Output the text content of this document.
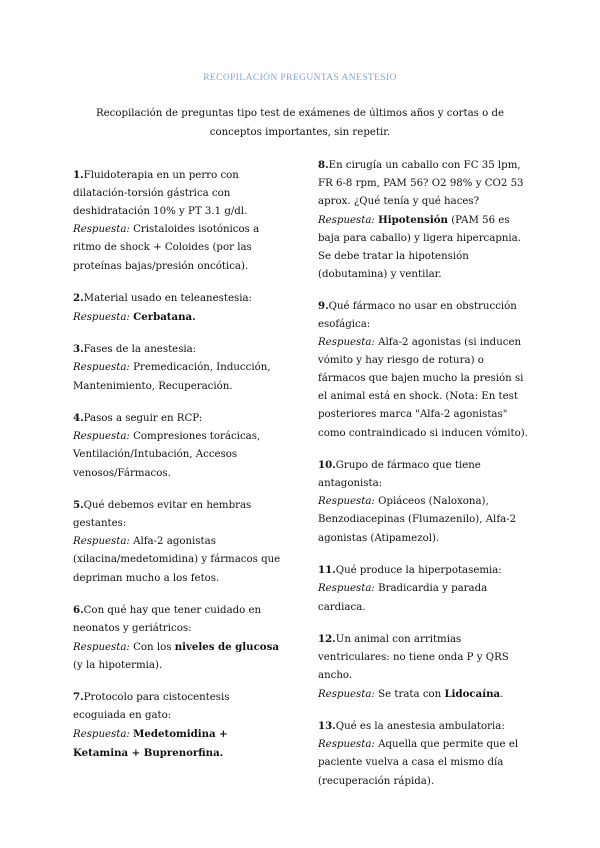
RECOPILACIÓN PREGUNTAS ANESTESIO
Recopilación de preguntas tipo test de exámenes de últimos años y cortas o de conceptos importantes, sin repetir.
1.Fluidoterapia en un perro con dilatación-torsión gástrica con deshidratación 10% y PT 3.1 g/dl.
Respuesta: Cristaloides isotónicos a ritmo de shock + Coloides (por las proteínas bajas/presión oncótica).
2.Material usado en teleanestesia:
Respuesta: Cerbatana.
3.Fases de la anestesia:
Respuesta: Premedicación, Inducción, Mantenimiento, Recuperación.
4.Pasos a seguir en RCP:
Respuesta: Compresiones torácicas, Ventilación/Intubación, Accesos venosos/Fármacos.
5.Qué debemos evitar en hembras gestantes:
Respuesta: Alfa-2 agonistas (xilacina/medetomidina) y fármacos que depriman mucho a los fetos.
6.Con qué hay que tener cuidado en neonatos y geriátricos:
Respuesta: Con los niveles de glucosa (y la hipotermia).
7.Protocolo para cistocentesis ecoguiada en gato:
Respuesta: Medetomidina + Ketamina + Buprenorfina.
8.En cirugía un caballo con FC 35 lpm, FR 6-8 rpm, PAM 56? O2 98% y CO2 53 aprox. ¿Qué tenía y qué haces?
Respuesta: Hipotensión (PAM 56 es baja para caballo) y ligera hipercapnia. Se debe tratar la hipotensión (dobutamina) y ventilar.
9.Qué fármaco no usar en obstrucción esofágica:
Respuesta: Alfa-2 agonistas (si inducen vómito y hay riesgo de rotura) o fármacos que bajen mucho la presión si el animal está en shock. (Nota: En test posteriores marca "Alfa-2 agonistas" como contraindicado si inducen vómito).
10.Grupo de fármaco que tiene antagonista:
Respuesta: Opiáceos (Naloxona), Benzodiacepinas (Flumazenilo), Alfa-2 agonistas (Atipamezol).
11.Qué produce la hiperpotasemia:
Respuesta: Bradicardia y parada cardiaca.
12.Un animal con arritmias ventriculares: no tiene onda P y QRS ancho.
Respuesta: Se trata con Lidocaína.
13.Qué es la anestesia ambulatoria:
Respuesta: Aquella que permite que el paciente vuelva a casa el mismo día (recuperación rápida).
